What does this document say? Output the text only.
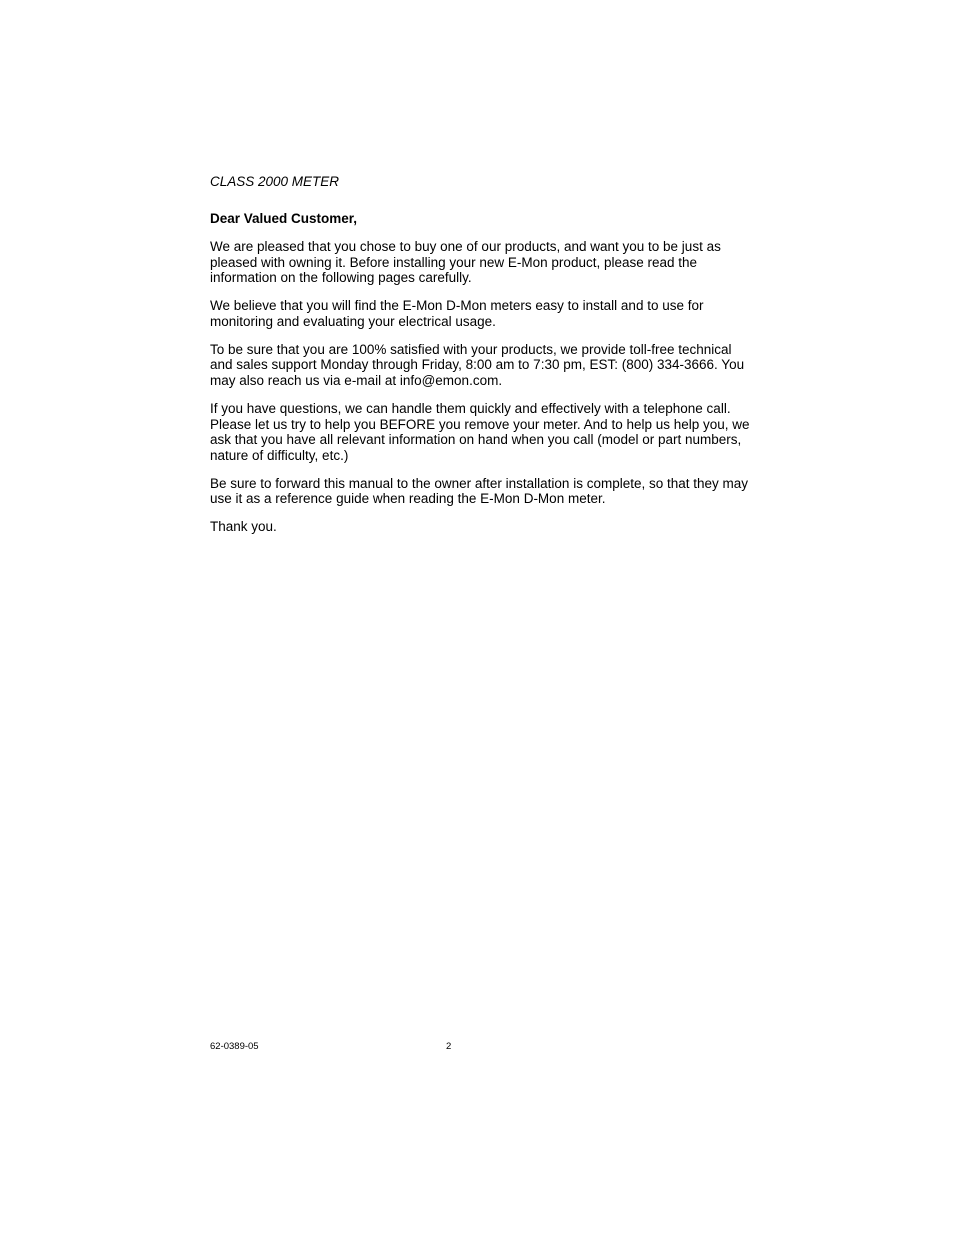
CLASS 2000 METER

Dear Valued Customer,

We are pleased that you chose to buy one of our products, and want you to be just as pleased with owning it. Before installing your new E-Mon product, please read the information on the following pages carefully.

We believe that you will find the E-Mon D-Mon meters easy to install and to use for monitoring and evaluating your electrical usage.

To be sure that you are 100% satisfied with your products, we provide toll-free technical and sales support Monday through Friday, 8:00 am to 7:30 pm, EST: (800) 334-3666. You may also reach us via e-mail at info@emon.com.

If you have questions, we can handle them quickly and effectively with a telephone call. Please let us try to help you BEFORE you remove your meter. And to help us help you, we ask that you have all relevant information on hand when you call (model or part numbers, nature of difficulty, etc.)

Be sure to forward this manual to the owner after installation is complete, so that they may use it as a reference guide when reading the E-Mon D-Mon meter.

Thank you.

62-0389-05	2
